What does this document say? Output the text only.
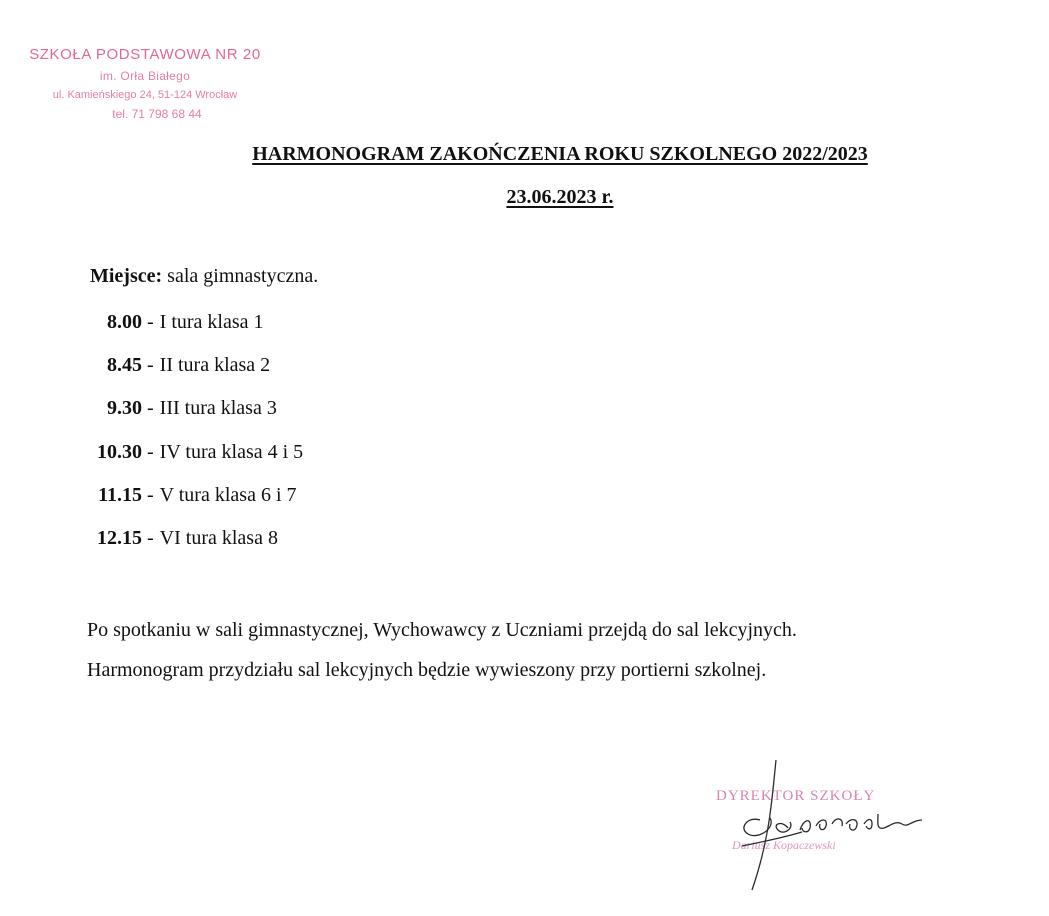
SZKOŁA PODSTAWOWA NR 20
im. Orła Białego
ul. Kamieńskiego 24, 51-124 Wrocław
tel. 71 798 68 44
HARMONOGRAM ZAKOŃCZENIA ROKU SZKOLNEGO 2022/2023
23.06.2023 r.
Miejsce: sala gimnastyczna.
8.00 - I tura klasa 1
8.45 - II tura klasa 2
9.30 - III tura klasa 3
10.30 - IV tura klasa 4 i 5
11.15 - V tura klasa 6 i 7
12.15 - VI tura klasa 8
Po spotkaniu w sali gimnastycznej, Wychowawcy z Uczniami przejdą do sal lekcyjnych.
Harmonogram przydziału sal lekcyjnych będzie wywieszony przy portierni szkolnej.
DYREKTOR SZKOŁY
Dariusz Kopaczewski
